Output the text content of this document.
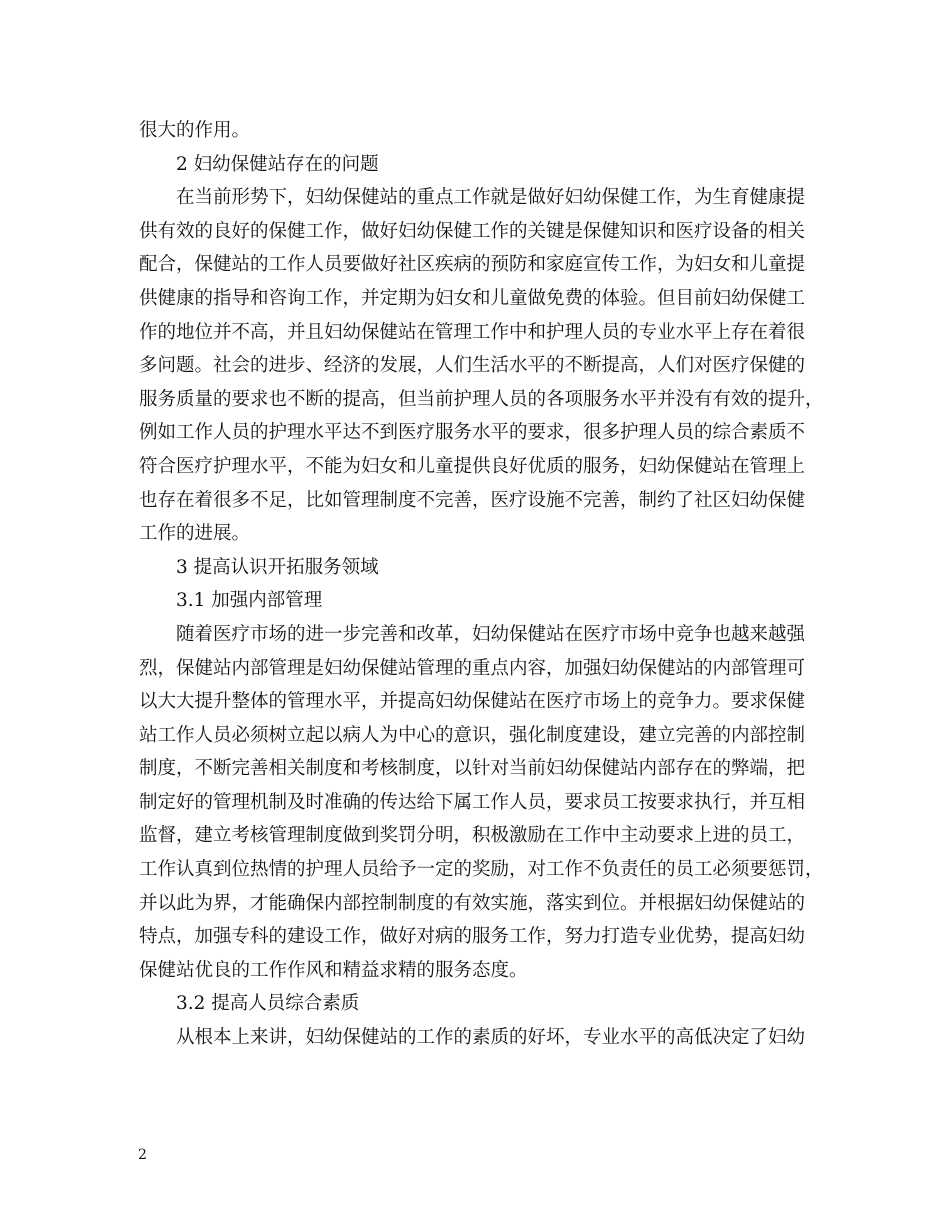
很大的作用。
2 妇幼保健站存在的问题
在当前形势下，妇幼保健站的重点工作就是做好妇幼保健工作，为生育健康提
供有效的良好的保健工作，做好妇幼保健工作的关键是保健知识和医疗设备的相关
配合，保健站的工作人员要做好社区疾病的预防和家庭宣传工作，为妇女和儿童提
供健康的指导和咨询工作，并定期为妇女和儿童做免费的体验。但目前妇幼保健工
作的地位并不高，并且妇幼保健站在管理工作中和护理人员的专业水平上存在着很
多问题。社会的进步、经济的发展，人们生活水平的不断提高，人们对医疗保健的
服务质量的要求也不断的提高，但当前护理人员的各项服务水平并没有有效的提升，
例如工作人员的护理水平达不到医疗服务水平的要求，很多护理人员的综合素质不
符合医疗护理水平，不能为妇女和儿童提供良好优质的服务，妇幼保健站在管理上
也存在着很多不足，比如管理制度不完善，医疗设施不完善，制约了社区妇幼保健
工作的进展。
3 提高认识开拓服务领域
3.1 加强内部管理
随着医疗市场的进一步完善和改革，妇幼保健站在医疗市场中竞争也越来越强
烈，保健站内部管理是妇幼保健站管理的重点内容，加强妇幼保健站的内部管理可
以大大提升整体的管理水平，并提高妇幼保健站在医疗市场上的竞争力。要求保健
站工作人员必须树立起以病人为中心的意识，强化制度建设，建立完善的内部控制
制度，不断完善相关制度和考核制度，以针对当前妇幼保健站内部存在的弊端，把
制定好的管理机制及时准确的传达给下属工作人员，要求员工按要求执行，并互相
监督，建立考核管理制度做到奖罚分明，积极激励在工作中主动要求上进的员工，
工作认真到位热情的护理人员给予一定的奖励，对工作不负责任的员工必须要惩罚，
并以此为界，才能确保内部控制制度的有效实施，落实到位。并根据妇幼保健站的
特点，加强专科的建设工作，做好对病的服务工作，努力打造专业优势，提高妇幼
保健站优良的工作作风和精益求精的服务态度。
3.2 提高人员综合素质
从根本上来讲，妇幼保健站的工作的素质的好坏，专业水平的高低决定了妇幼
2
